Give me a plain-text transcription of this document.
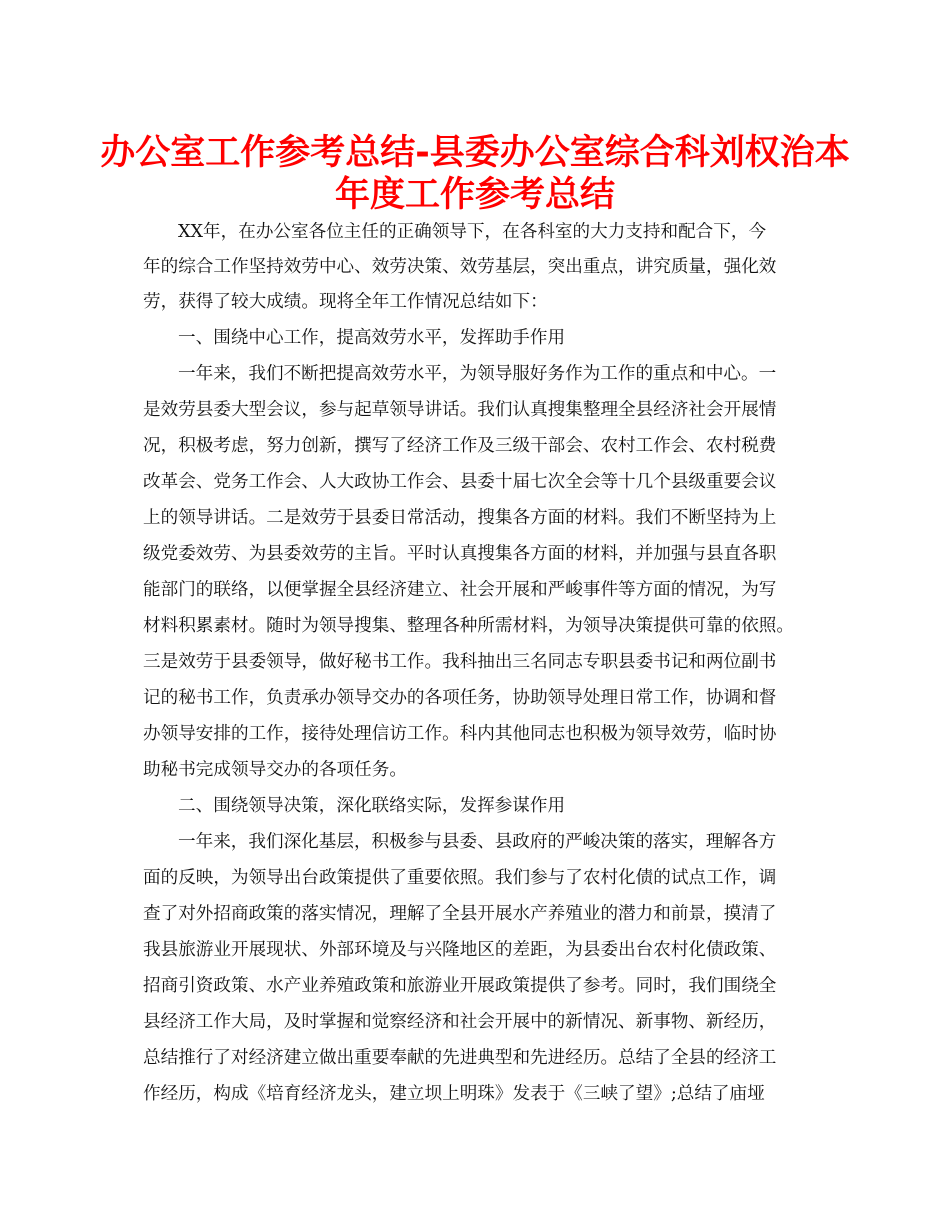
办公室工作参考总结-县委办公室综合科刘权治本
年度工作参考总结

XX年，在办公室各位主任的正确领导下，在各科室的大力支持和配合下，今

年的综合工作坚持效劳中心、效劳决策、效劳基层，突出重点，讲究质量，强化效

劳，获得了较大成绩。现将全年工作情况总结如下：

一、围绕中心工作，提高效劳水平，发挥助手作用

一年来，我们不断把提高效劳水平，为领导服好务作为工作的重点和中心。一

是效劳县委大型会议，参与起草领导讲话。我们认真搜集整理全县经济社会开展情

况，积极考虑，努力创新，撰写了经济工作及三级干部会、农村工作会、农村税费

改革会、党务工作会、人大政协工作会、县委十届七次全会等十几个县级重要会议

上的领导讲话。二是效劳于县委日常活动，搜集各方面的材料。我们不断坚持为上

级党委效劳、为县委效劳的主旨。平时认真搜集各方面的材料，并加强与县直各职

能部门的联络，以便掌握全县经济建立、社会开展和严峻事件等方面的情况，为写

材料积累素材。随时为领导搜集、整理各种所需材料，为领导决策提供可靠的依照。

三是效劳于县委领导，做好秘书工作。我科抽出三名同志专职县委书记和两位副书

记的秘书工作，负责承办领导交办的各项任务，协助领导处理日常工作，协调和督

办领导安排的工作，接待处理信访工作。科内其他同志也积极为领导效劳，临时协

助秘书完成领导交办的各项任务。

二、围绕领导决策，深化联络实际，发挥参谋作用

一年来，我们深化基层，积极参与县委、县政府的严峻决策的落实，理解各方

面的反映，为领导出台政策提供了重要依照。我们参与了农村化债的试点工作，调

查了对外招商政策的落实情况，理解了全县开展水产养殖业的潜力和前景，摸清了

我县旅游业开展现状、外部环境及与兴隆地区的差距，为县委出台农村化债政策、

招商引资政策、水产业养殖政策和旅游业开展政策提供了参考。同时，我们围绕全

县经济工作大局，及时掌握和觉察经济和社会开展中的新情况、新事物、新经历，

总结推行了对经济建立做出重要奉献的先进典型和先进经历。总结了全县的经济工

作经历，构成《培育经济龙头，建立坝上明珠》发表于《三峡了望》;总结了庙垭
